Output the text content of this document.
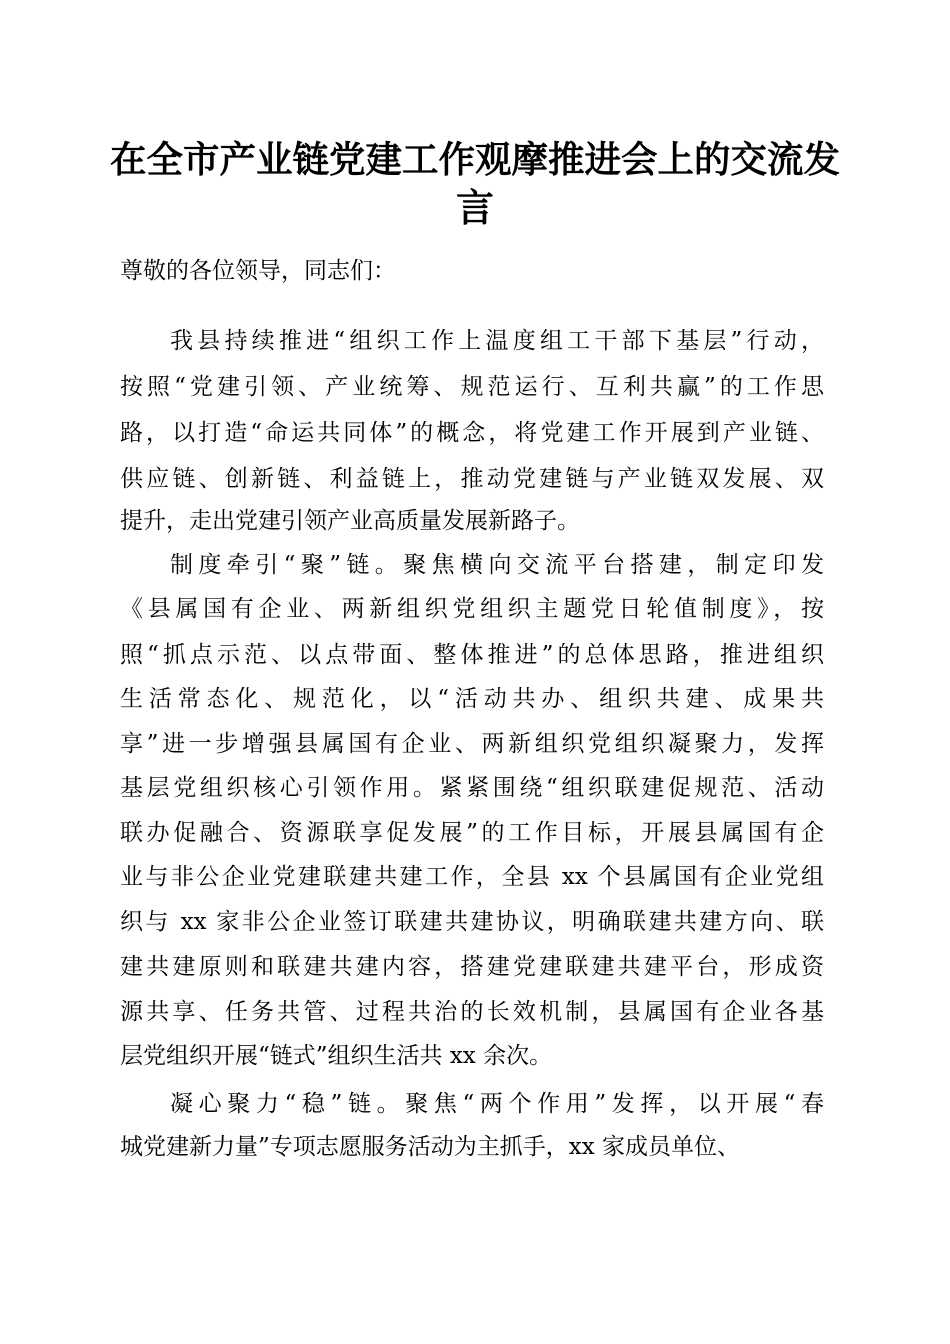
在全市产业链党建工作观摩推进会上的交流发
言
尊敬的各位领导，同志们：
我县持续推进“组织工作上温度组工干部下基层”行动，
按照“党建引领、产业统筹、规范运行、互利共赢”的工作思
路，以打造“命运共同体”的概念，将党建工作开展到产业链、
供应链、创新链、利益链上，推动党建链与产业链双发展、双
提升，走出党建引领产业高质量发展新路子。
制度牵引“聚”链。聚焦横向交流平台搭建，制定印发
《县属国有企业、两新组织党组织主题党日轮值制度》，按
照“抓点示范、以点带面、整体推进”的总体思路，推进组织
生活常态化、规范化，以“活动共办、组织共建、成果共
享”进一步增强县属国有企业、两新组织党组织凝聚力，发挥
基层党组织核心引领作用。紧紧围绕“组织联建促规范、活动
联办促融合、资源联享促发展”的工作目标，开展县属国有企
业与非公企业党建联建共建工作，全县 xx 个县属国有企业党组
织与 xx 家非公企业签订联建共建协议，明确联建共建方向、联
建共建原则和联建共建内容，搭建党建联建共建平台，形成资
源共享、任务共管、过程共治的长效机制，县属国有企业各基
层党组织开展“链式”组织生活共 xx 余次。
凝心聚力“稳”链。聚焦“两个作用”发挥，以开展“春
城党建新力量”专项志愿服务活动为主抓手，xx 家成员单位、
